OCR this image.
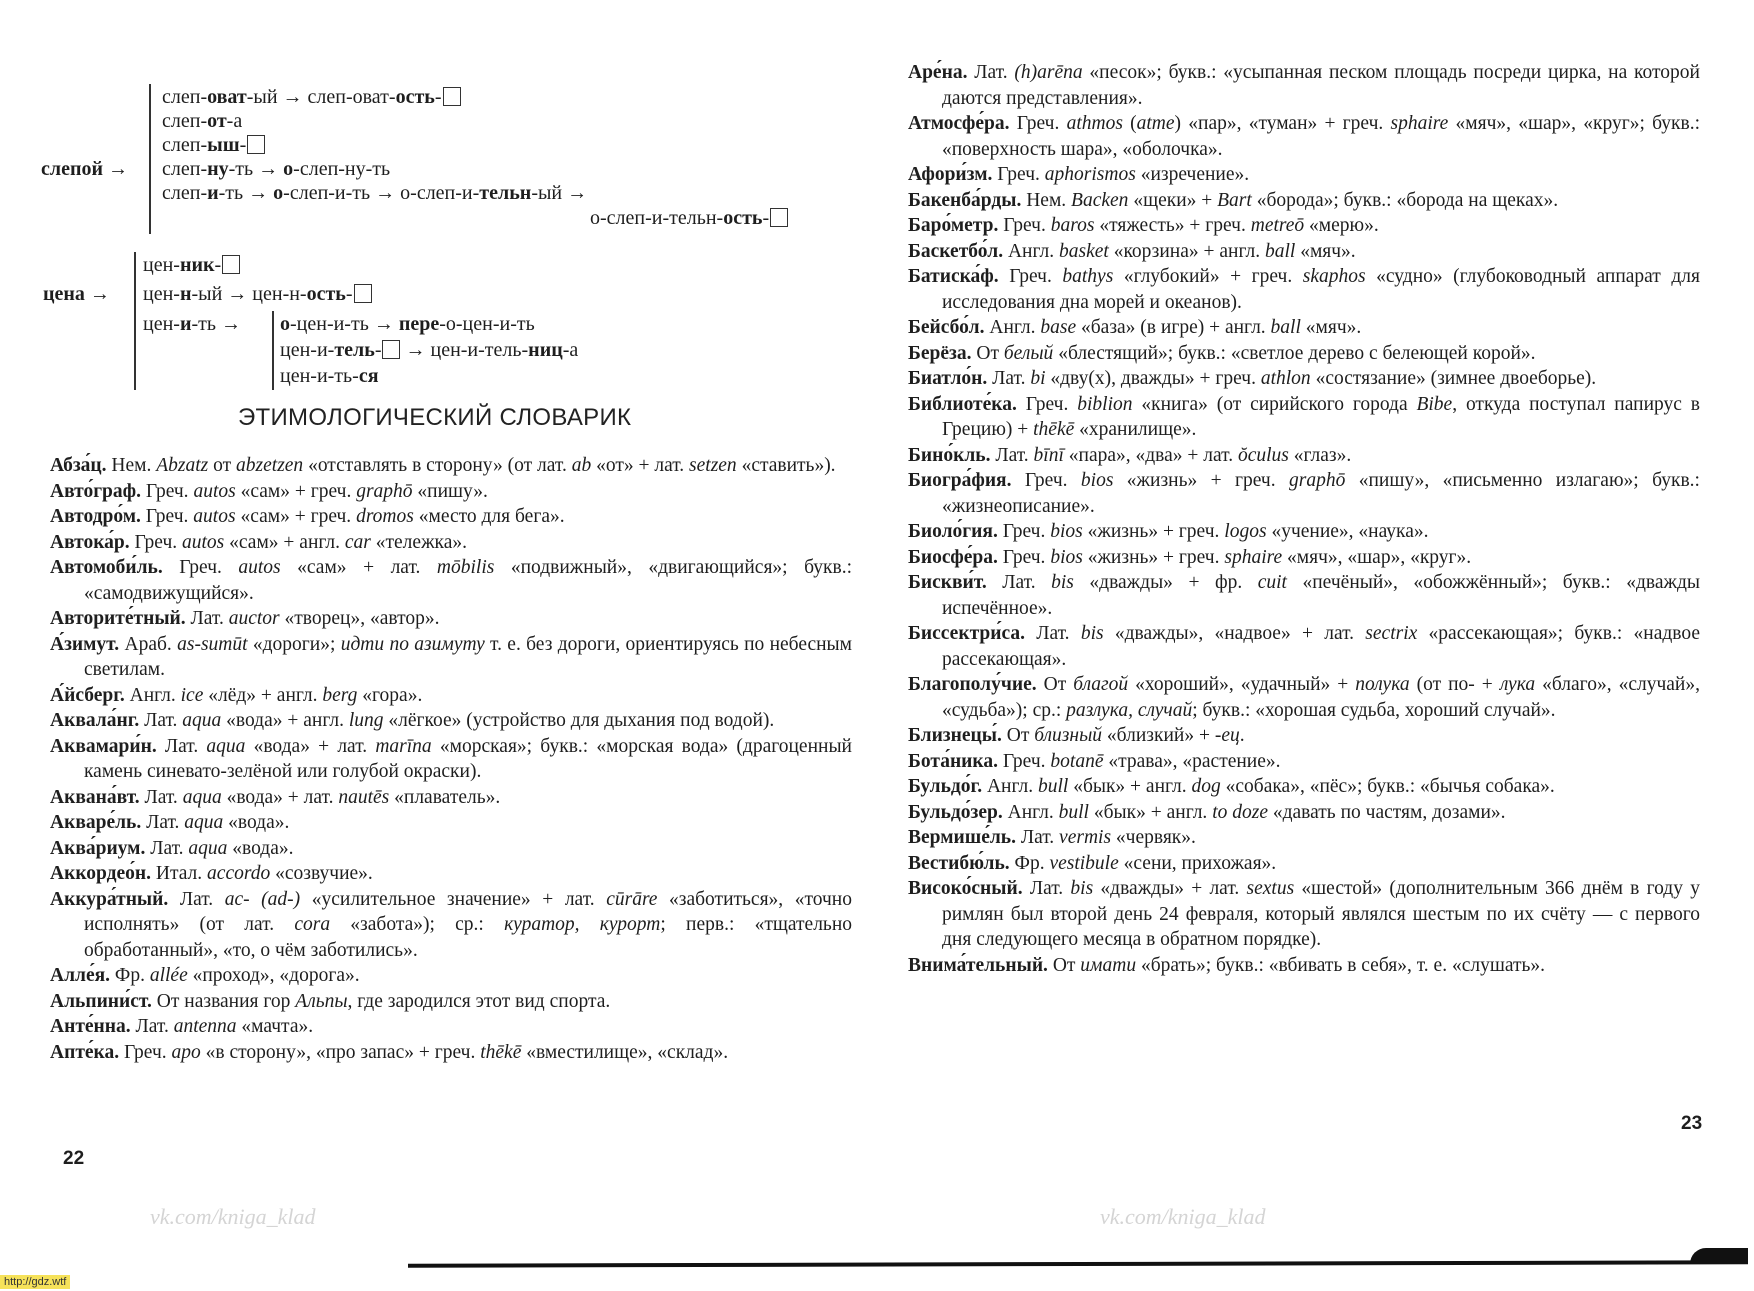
слепой →
слеп-оват-ый → слеп-оват-ость-
слеп-от-а
слеп-ыш-
слеп-ну-ть → о-слеп-ну-ть
слеп-и-ть → о-слеп-и-ть → о-слеп-и-тельн-ый →
о-слеп-и-тельн-ость-
цена →
цен-ник-
цен-н-ый → цен-н-ость-
цен-и-ть → о-цен-и-ть → пере-о-цен-и-ть
цен-и-тель- → цен-и-тель-ниц-а
цен-и-ть-ся
ЭТИМОЛОГИЧЕСКИЙ СЛОВАРИК
Абза́ц. Нем. Abzatz от abzetzen «отставлять в сторону» (от лат. ab «от» + лат. setzen «ставить»).
Авто́граф. Греч. autos «сам» + греч. graphō «пишу».
Автодро́м. Греч. autos «сам» + греч. dromos «место для бега».
Автока́р. Греч. autos «сам» + англ. car «тележка».
Автомоби́ль. Греч. autos «сам» + лат. mōbilis «подвижный», «двигающийся»; букв.: «самодвижущийся».
Авторите́тный. Лат. auctor «творец», «автор».
А́зимут. Араб. as-sumūt «дороги»; идти по азимуту т. е. без дороги, ориентируясь по небесным светилам.
А́йсберг. Англ. ice «лёд» + англ. berg «гора».
Аквала́нг. Лат. aqua «вода» + англ. lung «лёгкое» (устройство для дыхания под водой).
Аквамари́н. Лат. aqua «вода» + лат. marīna «морская»; букв.: «морская вода» (драгоценный камень синевато-зелёной или голубой окраски).
Аквана́вт. Лат. aqua «вода» + лат. nautēs «плаватель».
Акваре́ль. Лат. aqua «вода».
Аква́риум. Лат. aqua «вода».
Аккордео́н. Итал. accordo «созвучие».
Аккура́тный. Лат. ac- (ad-) «усилительное значение» + лат. cūrāre «заботиться», «точно исполнять» (от лат. cora «забота»); ср.: куратор, курорт; перв.: «тщательно обработанный», «то, о чём заботились».
Алле́я. Фр. allée «проход», «дорога».
Альпини́ст. От названия гор Альпы, где зародился этот вид спорта.
Анте́нна. Лат. antenna «мачта».
Апте́ка. Греч. apo «в сторону», «про запас» + греч. thēkē «вместилище», «склад».
Аре́на. Лат. (h)arēna «песок»; букв.: «усыпанная песком площадь посреди цирка, на которой даются представления».
Атмосфе́ра. Греч. athmos (atme) «пар», «туман» + греч. sphaire «мяч», «шар», «круг»; букв.: «поверхность шара», «оболочка».
Афори́зм. Греч. aphorismos «изречение».
Бакенба́рды. Нем. Backen «щеки» + Bart «борода»; букв.: «борода на щеках».
Баро́метр. Греч. baros «тяжесть» + греч. metreō «мерю».
Баскетбо́л. Англ. basket «корзина» + англ. ball «мяч».
Батиска́ф. Греч. bathys «глубокий» + греч. skaphos «судно» (глубоководный аппарат для исследования дна морей и океанов).
Бейсбо́л. Англ. base «база» (в игре) + англ. ball «мяч».
Берёза. От белый «блестящий»; букв.: «светлое дерево с белеющей корой».
Биатло́н. Лат. bi «дву(х), дважды» + греч. athlon «состязание» (зимнее двоеборье).
Библиоте́ка. Греч. biblion «книга» (от сирийского города Bibe, откуда поступал папирус в Грецию) + thēkē «хранилище».
Бино́кль. Лат. bīnī «пара», «два» + лат. ŏculus «глаз».
Биогра́фия. Греч. bios «жизнь» + греч. graphō «пишу», «письменно излагаю»; букв.: «жизнеописание».
Биоло́гия. Греч. bios «жизнь» + греч. logos «учение», «наука».
Биосфе́ра. Греч. bios «жизнь» + греч. sphaire «мяч», «шар», «круг».
Бискви́т. Лат. bis «дважды» + фр. cuit «печёный», «обожжённый»; букв.: «дважды испечённое».
Биссектри́са. Лат. bis «дважды», «надвое» + лат. sectrix «рассекающая»; букв.: «надвое рассекающая».
Благополу́чие. От благой «хороший», «удачный» + полука (от по- + лука «благо», «случай», «судьба»); ср.: разлука, случай; букв.: «хорошая судьба, хороший случай».
Близнецы́. От близный «близкий» + -ец.
Бота́ника. Греч. botanē «трава», «растение».
Бульдо́г. Англ. bull «бык» + англ. dog «собака», «пёс»; букв.: «бычья собака».
Бульдо́зер. Англ. bull «бык» + англ. to doze «давать по частям, дозами».
Вермише́ль. Лат. vermis «червяк».
Вестибю́ль. Фр. vestibule «сени, прихожая».
Високо́сный. Лат. bis «дважды» + лат. sextus «шестой» (дополнительным 366 днём в году у римлян был второй день 24 февраля, который являлся шестым по их счёту — с первого дня следующего месяца в обратном порядке).
Внима́тельный. От имати «брать»; букв.: «вбивать в себя», т. е. «слушать».
22
23
vk.com/kniga_klad	vk.com/kniga_klad
http://gdz.wtf
